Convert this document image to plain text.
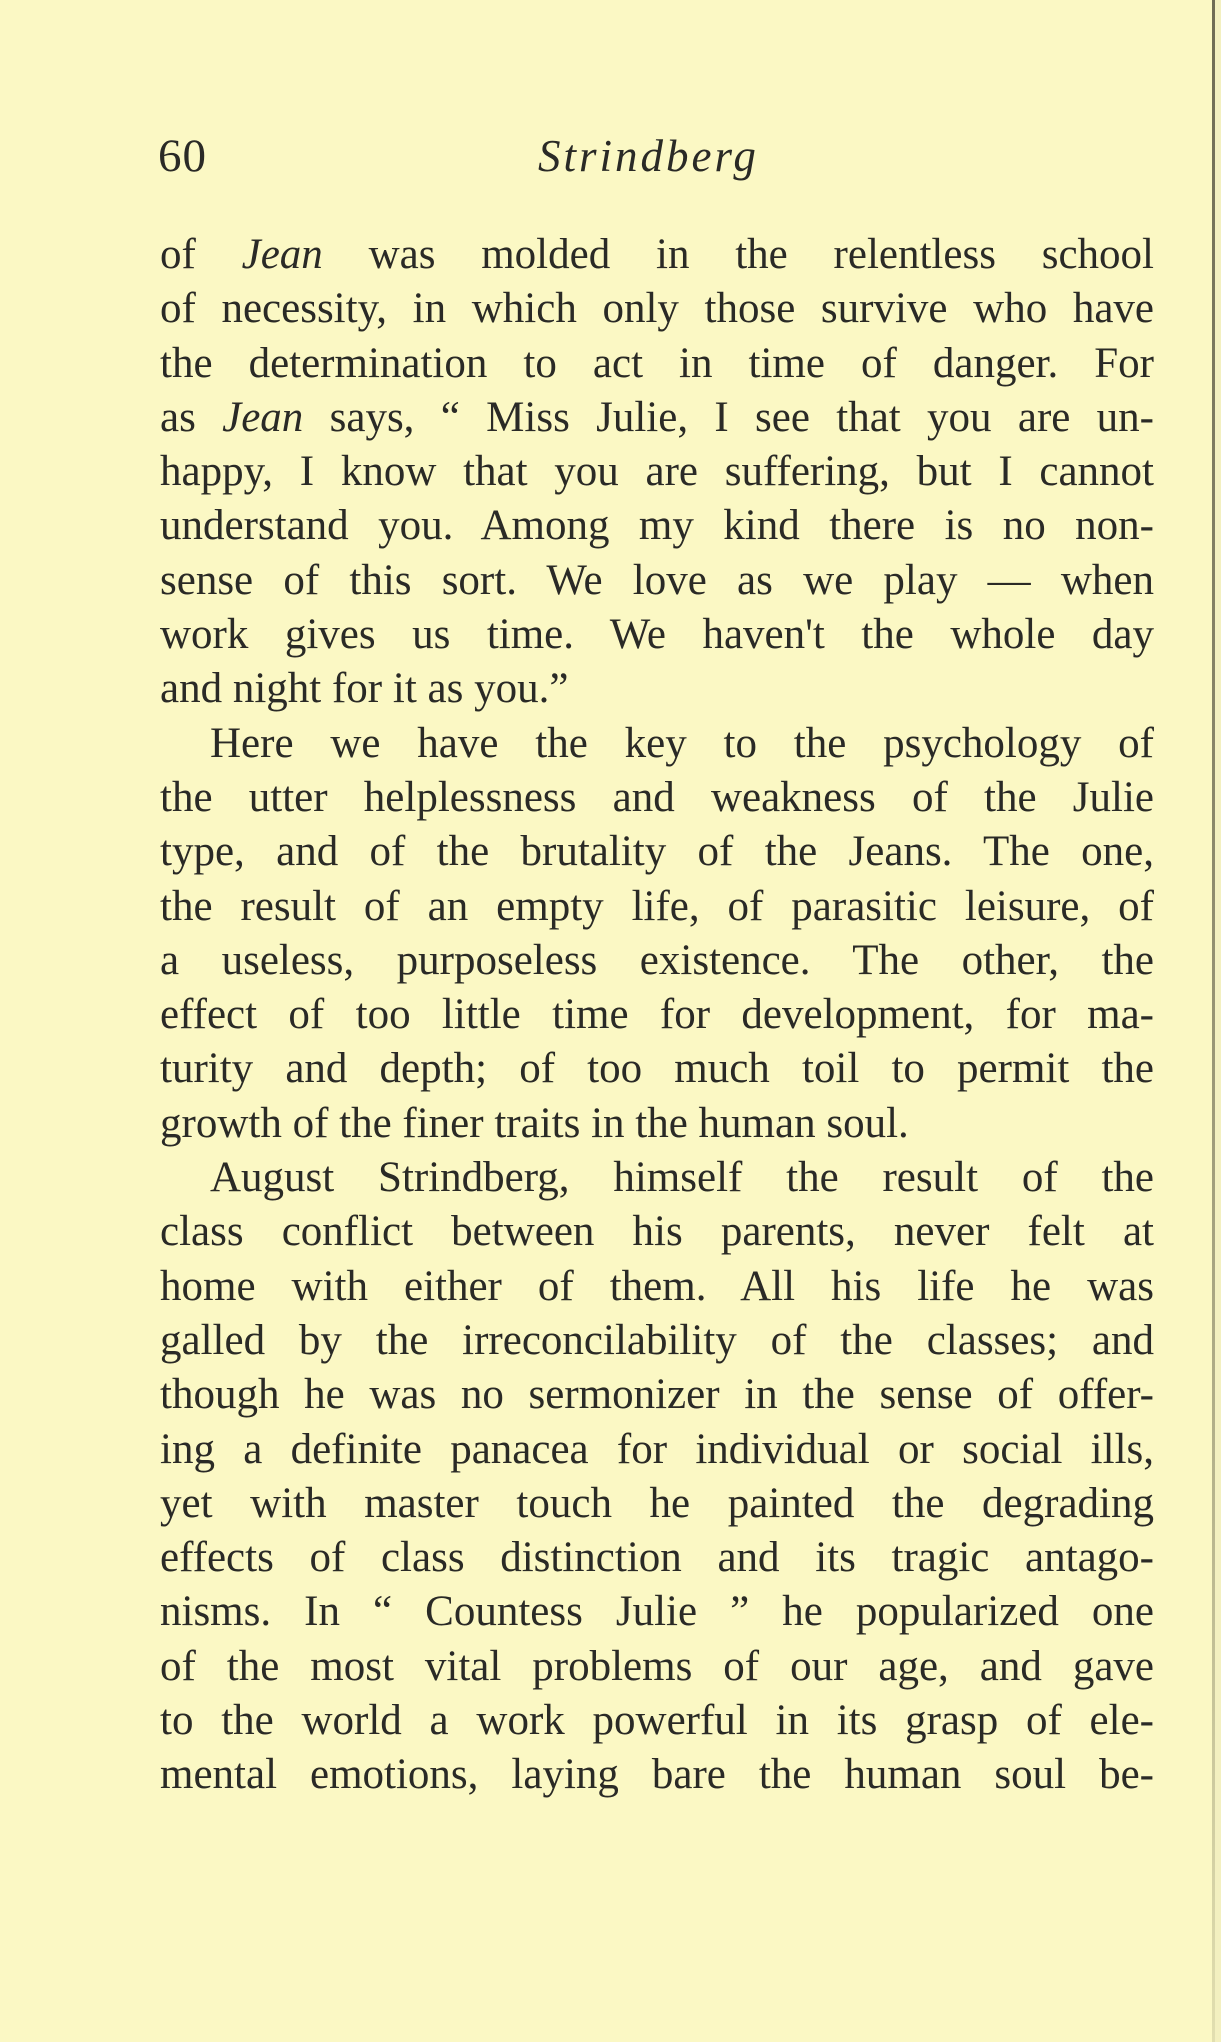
60	Strindberg
of Jean was molded in the relentless school
of necessity, in which only those survive who have
the determination to act in time of danger. For
as Jean says, “ Miss Julie, I see that you are un-
happy, I know that you are suffering, but I cannot
understand you. Among my kind there is no non-
sense of this sort. We love as we play — when
work gives us time. We haven't the whole day
and night for it as you.”
Here we have the key to the psychology of
the utter helplessness and weakness of the Julie
type, and of the brutality of the Jeans. The one,
the result of an empty life, of parasitic leisure, of
a useless, purposeless existence. The other, the
effect of too little time for development, for ma-
turity and depth; of too much toil to permit the
growth of the finer traits in the human soul.
August Strindberg, himself the result of the
class conflict between his parents, never felt at
home with either of them. All his life he was
galled by the irreconcilability of the classes; and
though he was no sermonizer in the sense of offer-
ing a definite panacea for individual or social ills,
yet with master touch he painted the degrading
effects of class distinction and its tragic antago-
nisms. In “ Countess Julie ” he popularized one
of the most vital problems of our age, and gave
to the world a work powerful in its grasp of ele-
mental emotions, laying bare the human soul be-
